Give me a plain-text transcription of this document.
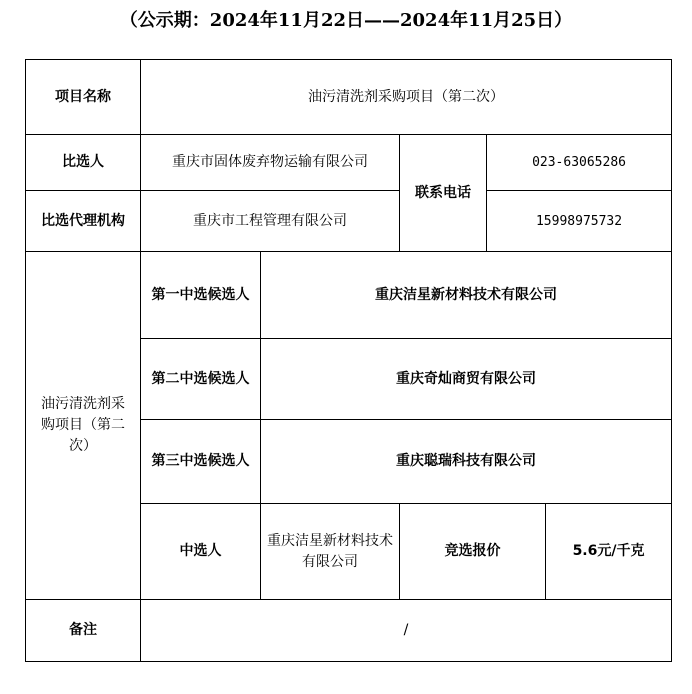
（公示期：2024年11月22日——2024年11月25日）
项目名称	油污清洗剂采购项目（第二次）				
比选人	重庆市固体废弃物运输有限公司		联系电话	023-63065286	
比选代理机构	重庆市工程管理有限公司			15998975732	
油污清洗剂采购项目（第二次）	第一中选候选人	重庆洁星新材料技术有限公司			
	第二中选候选人	重庆奇灿商贸有限公司			
	第三中选候选人	重庆聪瑞科技有限公司			
	中选人	重庆洁星新材料技术有限公司	竞选报价		5.6元/千克
备注	/				
